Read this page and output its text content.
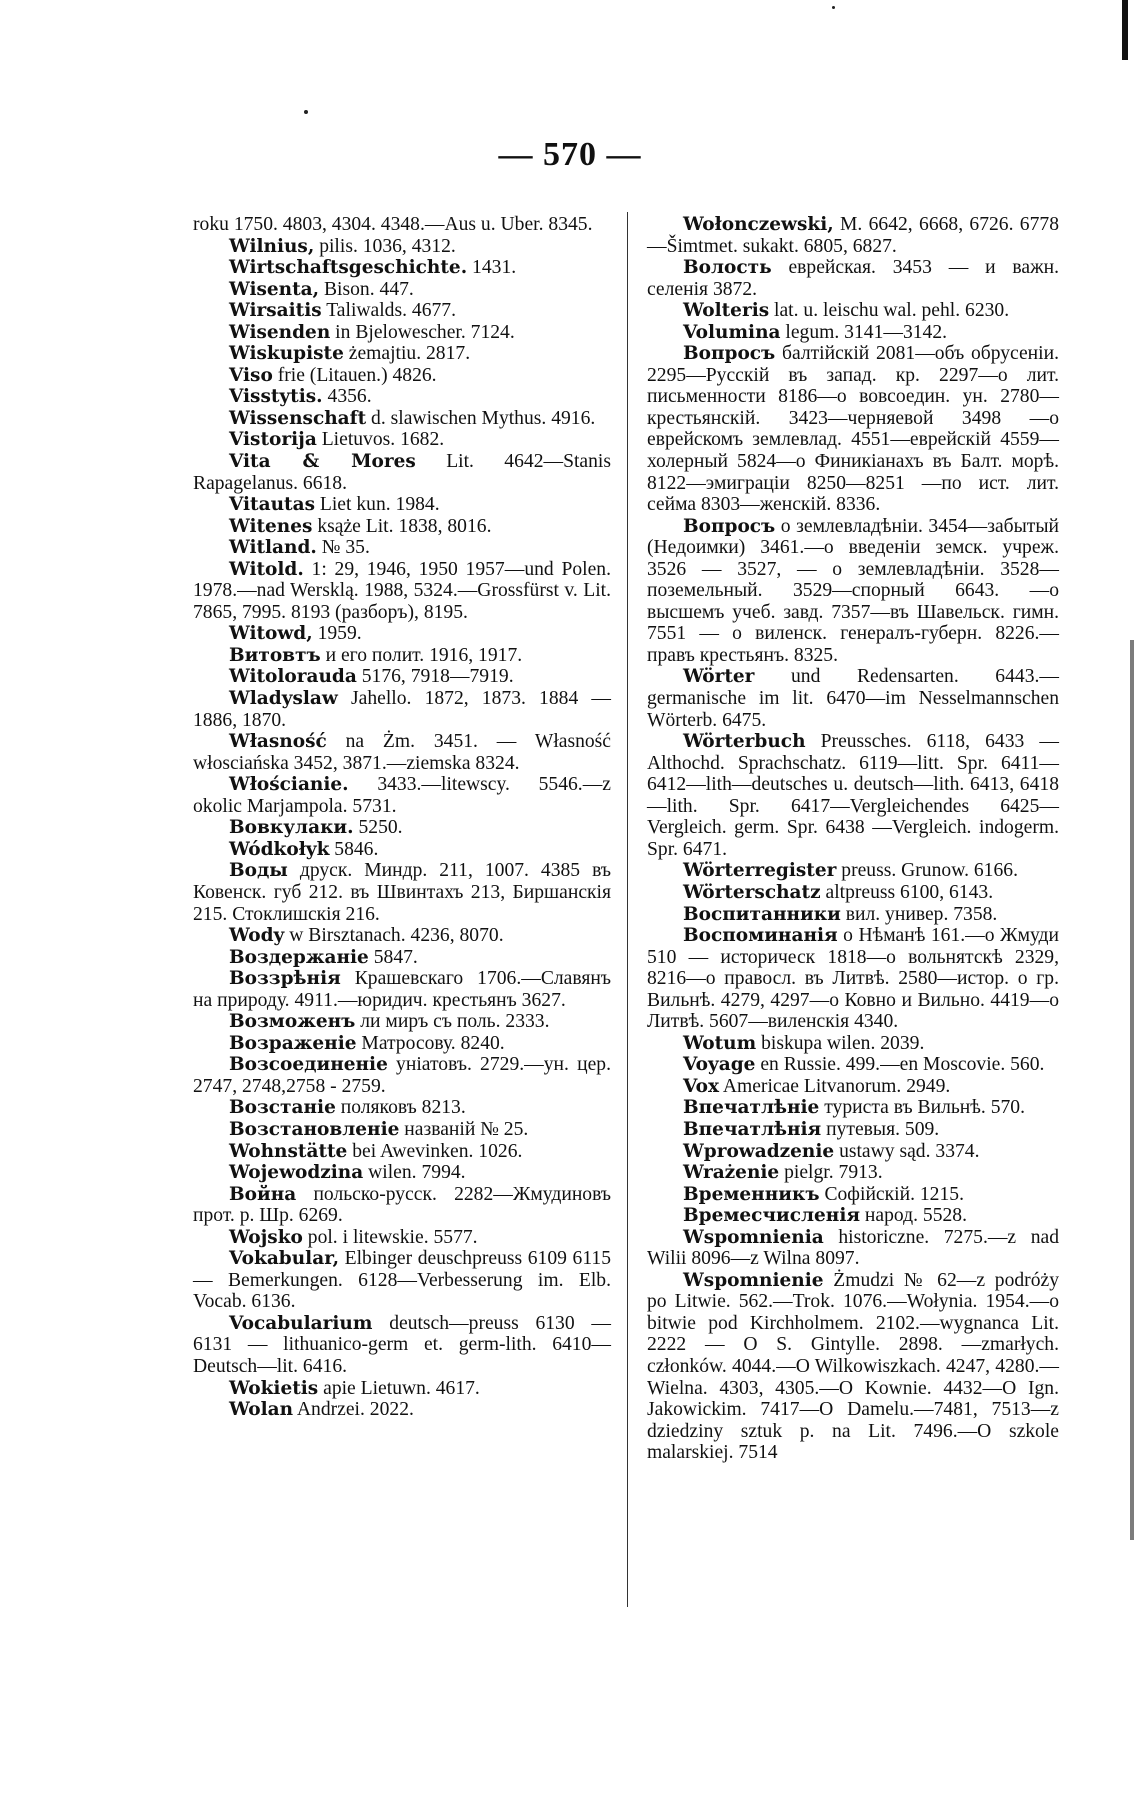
— 570 —
roku 1750. 4803, 4304. 4348.—Aus u. Uber. 8345.
Wilnius, pilis. 1036, 4312.
Wirtschaftsgeschichte. 1431.
Wisenta, Bison. 447.
Wirsaitis Taliwalds. 4677.
Wisenden in Bjelowescher. 7124.
Wiskupiste żemajtiu. 2817.
Viso frie (Litauen.) 4826.
Visstytis. 4356.
Wissenschaft d. slawischen Mythus. 4916.
Vistorija Lietuvos. 1682.
Vita & Mores Lit. 4642—Stanis Rapagelanus. 6618.
Vitautas Liet kun. 1984.
Witenes ksąże Lit. 1838, 8016.
Witland. № 35.
Witold. 1: 29, 1946, 1950 1957—und Polen. 1978.—nad Wersklą. 1988, 5324.—Grossfürst v. Lit. 7865, 7995. 8193 (разборъ), 8195.
Witowd, 1959.
Витовтъ и его полит. 1916, 1917.
Witoloraudа 5176, 7918—7919.
Wladyslaw Jahello. 1872, 1873. 1884 —1886, 1870.
Własność na Żm. 3451. — Własność włosciańska 3452, 3871.—ziemska 8324.
Włościanie. 3433.—litewscy. 5546.—z okolic Marjampola. 5731.
Вовкулаки. 5250.
Wódkołyk 5846.
Воды друск. Миндр. 211, 1007. 4385 въ Ковенск. губ 212. въ Швинтахъ 213, Биршанскія 215. Стоклишскія 216.
Wody w Birsztanach. 4236, 8070.
Воздержаніе 5847.
Воззрѣнія Крашевскаго 1706.—Славянъ на природу. 4911.—юридич. крестьянъ 3627.
Возможенъ ли миръ съ поль. 2333.
Возраженіе Матросову. 8240.
Возсоединеніе уніатовъ. 2729.—ун. цер. 2747, 2748,2758 - 2759.
Возстаніе поляковъ 8213.
Возстановленіе названій № 25.
Wohnstätte bei Awevinken. 1026.
Wojewodzina wilen. 7994.
Война польско-русск. 2282—Жмудиновъ прот. р. Шр. 6269.
Wojsko pol. i litewskie. 5577.
Vokabular, Elbinger deuschpreuss 6109 6115 — Bemerkungen. 6128—Verbesserung im. Elb. Vocab. 6136.
Vocabularium deutsch—preuss 6130 —6131 — lithuanico-germ et. germ-lith. 6410—Deutsch—lit. 6416.
Wokietis apie Lietuwn. 4617.
Wolan Andrzei. 2022.
Wołonczewski, M. 6642, 6668, 6726. 6778—Šimtmet. sukakt. 6805, 6827.
Волость еврейская. 3453 — и важн. селенія 3872.
Wolteris lat. u. leischu wal. pehl. 6230.
Volumina legum. 3141—3142.
Вопросъ балтійскій 2081—объ обрусеніи. 2295—Русскій въ запад. кр. 2297—о лит. письменности 8186—о вовсоедин. ун. 2780—крестьянскій. 3423—черняевой 3498 —о еврейскомъ землевлад. 4551—еврейскій 4559—холерный 5824—о Финикіанахъ въ Балт. морѣ. 8122—эмиграціи 8250—8251 —по ист. лит. сейма 8303—женскій. 8336.
Вопросъ о землевладѣніи. 3454—забытый (Недоимки) 3461.—о введеніи земск. учреж. 3526 — 3527, — о землевладѣніи. 3528—поземельный. 3529—спорный 6643. —о высшемъ учеб. завд. 7357—въ Шавельск. гимн. 7551 — о виленск. генералъ-губерн. 8226.—правъ крестьянъ. 8325.
Wörter und Redensarten. 6443.—germanische im lit. 6470—im Nesselmannschen Wörterb. 6475.
Wörterbuch Preussches. 6118, 6433 —Althochd. Sprachschatz. 6119—litt. Spr. 6411—6412—lith—deutsches u. deutsch—lith. 6413, 6418—lith. Spr. 6417—Vergleichendes 6425—Vergleich. germ. Spr. 6438 —Vergleich. indogerm. Spr. 6471.
Wörterregister preuss. Grunow. 6166.
Wörterschatz altpreuss 6100, 6143.
Воспитанники вил. универ. 7358.
Воспоминанія о Нѣманѣ 161.—о Жмуди 510 — историческ 1818—о вольнятскѣ 2329, 8216—о правосл. въ Литвѣ. 2580—истор. о гр. Вильнѣ. 4279, 4297—о Ковно и Вильно. 4419—о Литвѣ. 5607—виленскія 4340.
Wotum biskupa wilen. 2039.
Voyage en Russie. 499.—en Moscovie. 560.
Vox Americae Litvanorum. 2949.
Впечатлѣніе туриста въ Вильнѣ. 570.
Впечатлѣнія путевыя. 509.
Wprowadzenie ustawy sąd. 3374.
Wrażenie pielgr. 7913.
Временникъ Софійскій. 1215.
Времесчисленія народ. 5528.
Wspomnienia historiczne. 7275.—z nad Wilii 8096—z Wilna 8097.
Wspomnienie Żmudzi № 62—z podróży po Litwie. 562.—Trok. 1076.—Wołynia. 1954.—o bitwie pod Kirchholmem. 2102.—wygnanca Lit. 2222 — O S. Gintylle. 2898. —zmarłych. członków. 4044.—O Wilkowiszkach. 4247, 4280.—Wielna. 4303, 4305.—O Kownie. 4432—O Ign. Jakowickim. 7417—O Damelu.—7481, 7513—z dziedziny sztuk p. na Lit. 7496.—O szkole malarskiej. 7514
